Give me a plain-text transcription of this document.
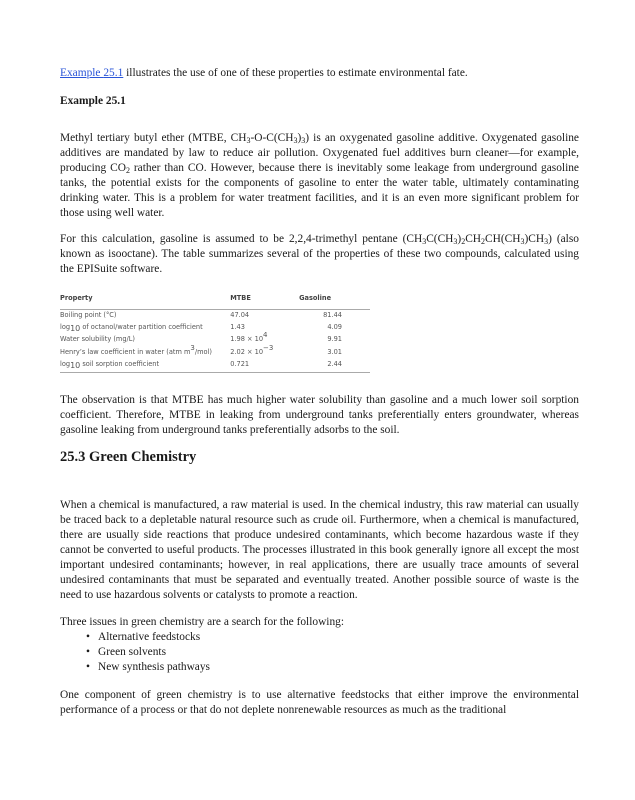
Example 25.1 illustrates the use of one of these properties to estimate environmental fate.

Example 25.1

Methyl tertiary butyl ether (MTBE, $CH_3-O-C(CH_3)_3$) is an oxygenated gasoline additive. Oxygenated gasoline additives are mandated by law to reduce air pollution. Oxygenated fuel additives burn cleaner—for example, producing $CO_2$ rather than CO. However, because there is inevitably some leakage from underground gasoline tanks, the potential exists for the components of gasoline to enter the water table, ultimately contaminating drinking water. This is a problem for water treatment facilities, and it is an even more significant problem for those using well water.

For this calculation, gasoline is assumed to be 2,2,4-trimethyl pentane $(CH_3C(CH_3)_2CH_2CH(CH_3)CH_3)$ (also known as isooctane). The table summarizes several of the properties of these two compounds, calculated using the EPISuite software.

Property	MTBE	Gasoline
Boiling point (°C)	47.04	81.44
$\log_{10}$ of octanol/water partition coefficient	1.43	4.09
Water solubility (mg/L)	$1.98 \times 10^4$	9.91
Henry’s law coefficient in water (atm $m^3/mol$)	$2.02 \times 10^{-3}$	3.01
$\log_{10}$ soil sorption coefficient	0.721	2.44

The observation is that MTBE has much higher water solubility than gasoline and a much lower soil sorption coefficient. Therefore, MTBE in leaking from underground tanks preferentially enters groundwater, whereas gasoline leaking from underground tanks preferentially adsorbs to the soil.

25.3 Green Chemistry

When a chemical is manufactured, a raw material is used. In the chemical industry, this raw material can usually be traced back to a depletable natural resource such as crude oil. Furthermore, when a chemical is manufactured, there are usually side reactions that produce undesired contaminants, which become hazardous waste if they cannot be converted to useful products. The processes illustrated in this book generally ignore all except the most important undesired contaminants; however, in real applications, there are usually trace amounts of several undesired contaminants that must be separated and eventually treated. Another possible source of waste is the need to use hazardous solvents or catalysts to promote a reaction.

Three issues in green chemistry are a search for the following:

• Alternative feedstocks
• Green solvents
• New synthesis pathways

One component of green chemistry is to use alternative feedstocks that either improve the environmental performance of a process or that do not deplete nonrenewable resources as much as the traditional
